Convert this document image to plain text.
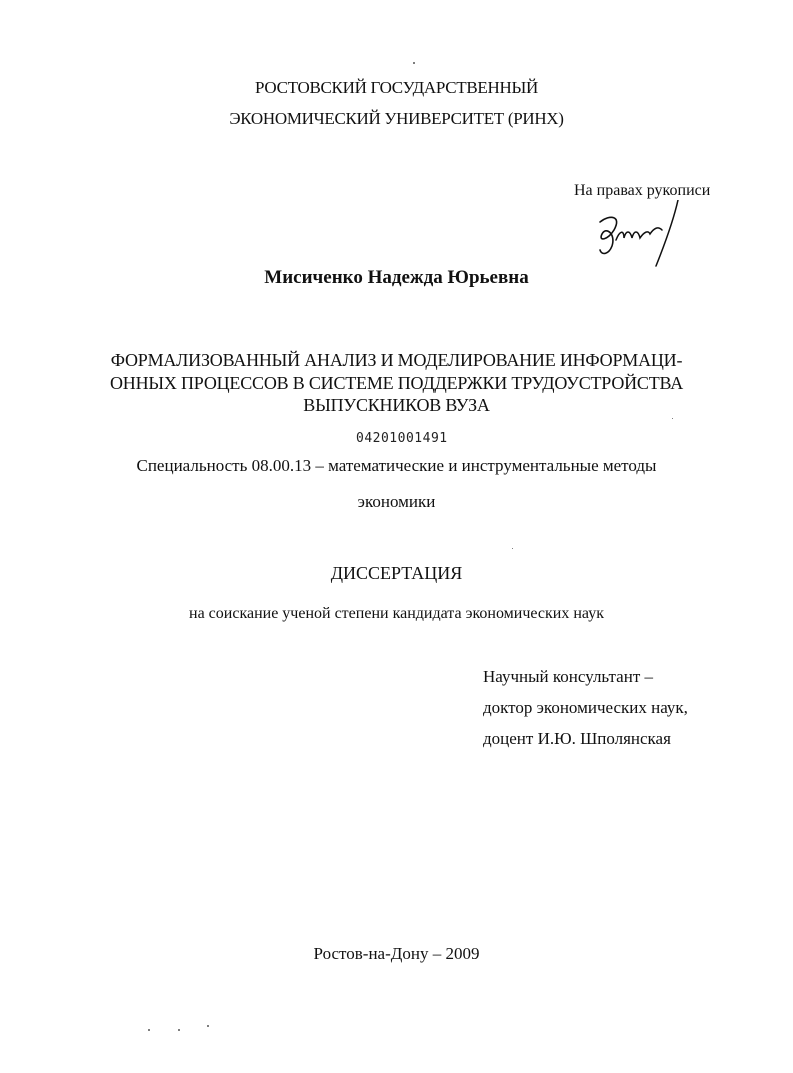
РОСТОВСКИЙ ГОСУДАРСТВЕННЫЙ
ЭКОНОМИЧЕСКИЙ УНИВЕРСИТЕТ (РИНХ)
На правах рукописи
Мисиченко Надежда Юрьевна
ФОРМАЛИЗОВАННЫЙ АНАЛИЗ И МОДЕЛИРОВАНИЕ ИНФОРМАЦИ-
ОННЫХ ПРОЦЕССОВ В СИСТЕМЕ ПОДДЕРЖКИ ТРУДОУСТРОЙСТВА
ВЫПУСКНИКОВ ВУЗА
04201001491
Специальность 08.00.13 – математические и инструментальные методы
экономики
ДИССЕРТАЦИЯ
на соискание ученой степени кандидата экономических наук
Научный консультант –
доктор экономических наук,
доцент И.Ю. Шполянская
Ростов-на-Дону – 2009
